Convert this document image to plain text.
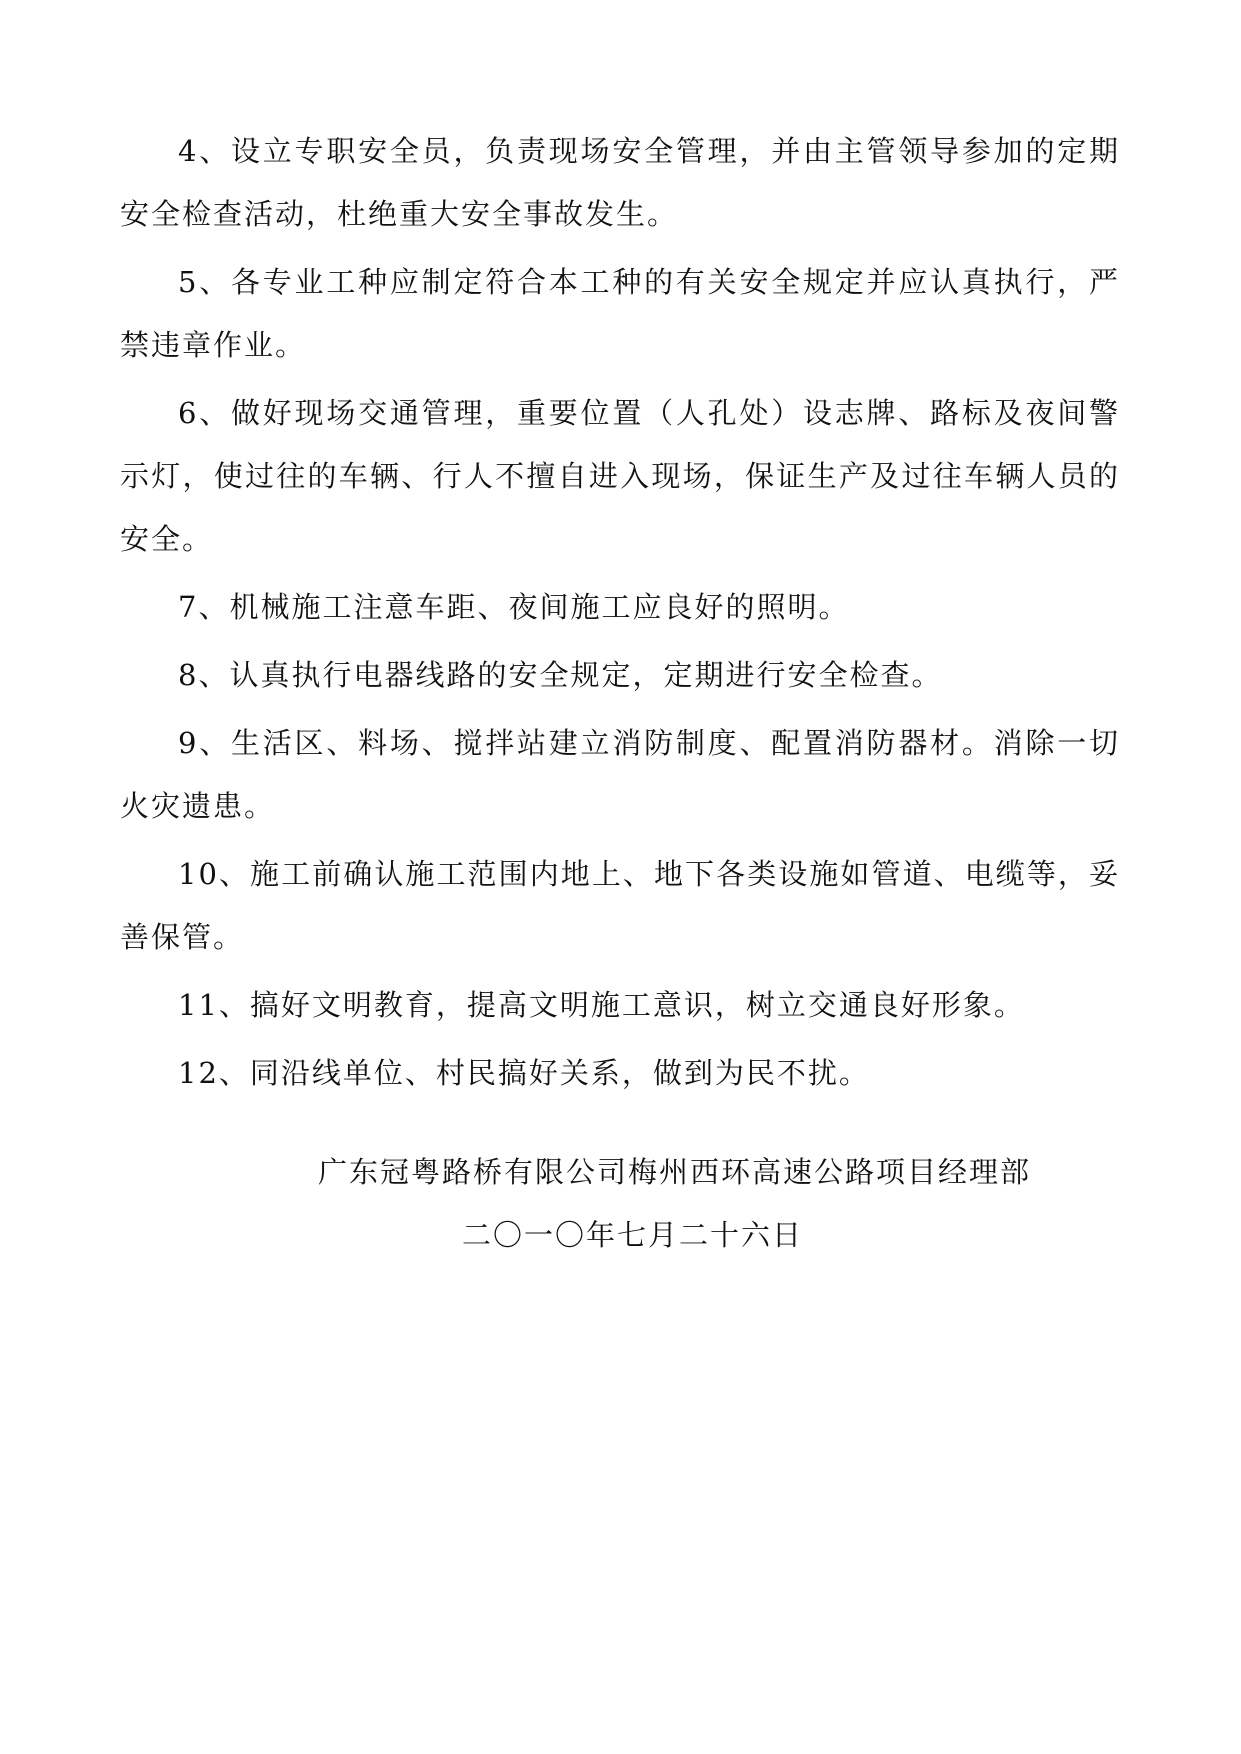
4、设立专职安全员，负责现场安全管理，并由主管领导参加的定期安全检查活动，杜绝重大安全事故发生。

5、各专业工种应制定符合本工种的有关安全规定并应认真执行，严禁违章作业。

6、做好现场交通管理，重要位置（人孔处）设志牌、路标及夜间警示灯，使过往的车辆、行人不擅自进入现场，保证生产及过往车辆人员的安全。

7、机械施工注意车距、夜间施工应良好的照明。

8、认真执行电器线路的安全规定，定期进行安全检查。

9、生活区、料场、搅拌站建立消防制度、配置消防器材。消除一切火灾遗患。

10、施工前确认施工范围内地上、地下各类设施如管道、电缆等，妥善保管。

11、搞好文明教育，提高文明施工意识，树立交通良好形象。

12、同沿线单位、村民搞好关系，做到为民不扰。

广东冠粤路桥有限公司梅州西环高速公路项目经理部
二〇一〇年七月二十六日
